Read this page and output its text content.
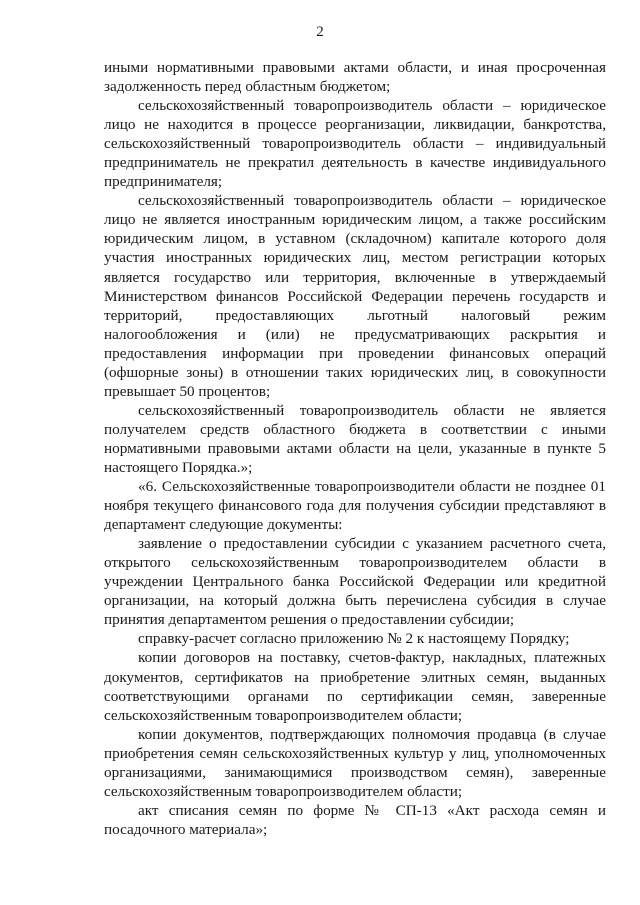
2

иными нормативными правовыми актами области, и иная просроченная задолженность перед областным бюджетом;

сельскохозяйственный товаропроизводитель области – юридическое лицо не находится в процессе реорганизации, ликвидации, банкротства, сельскохозяйственный товаропроизводитель области – индивидуальный предприниматель не прекратил деятельность в качестве индивидуального предпринимателя;

сельскохозяйственный товаропроизводитель области – юридическое лицо не является иностранным юридическим лицом, а также российским юридическим лицом, в уставном (складочном) капитале которого доля участия иностранных юридических лиц, местом регистрации которых является государство или территория, включенные в утверждаемый Министерством финансов Российской Федерации перечень государств и территорий, предоставляющих льготный налоговый режим налогообложения и (или) не предусматривающих раскрытия и предоставления информации при проведении финансовых операций (офшорные зоны) в отношении таких юридических лиц, в совокупности превышает 50 процентов;

сельскохозяйственный товаропроизводитель области не является получателем средств областного бюджета в соответствии с иными нормативными правовыми актами области на цели, указанные в пункте 5 настоящего Порядка.»;

«6. Сельскохозяйственные товаропроизводители области не позднее 01 ноября текущего финансового года для получения субсидии представляют в департамент следующие документы:

заявление о предоставлении субсидии с указанием расчетного счета, открытого сельскохозяйственным товаропроизводителем области в учреждении Центрального банка Российской Федерации или кредитной организации, на который должна быть перечислена субсидия в случае принятия департаментом решения о предоставлении субсидии;

справку-расчет согласно приложению № 2 к настоящему Порядку;

копии договоров на поставку, счетов-фактур, накладных, платежных документов, сертификатов на приобретение элитных семян, выданных соответствующими органами по сертификации семян, заверенные сельскохозяйственным товаропроизводителем области;

копии документов, подтверждающих полномочия продавца (в случае приобретения семян сельскохозяйственных культур у лиц, уполномоченных организациями, занимающимися производством семян), заверенные сельскохозяйственным товаропроизводителем области;

акт списания семян по форме № СП-13 «Акт расхода семян и посадочного материала»;
